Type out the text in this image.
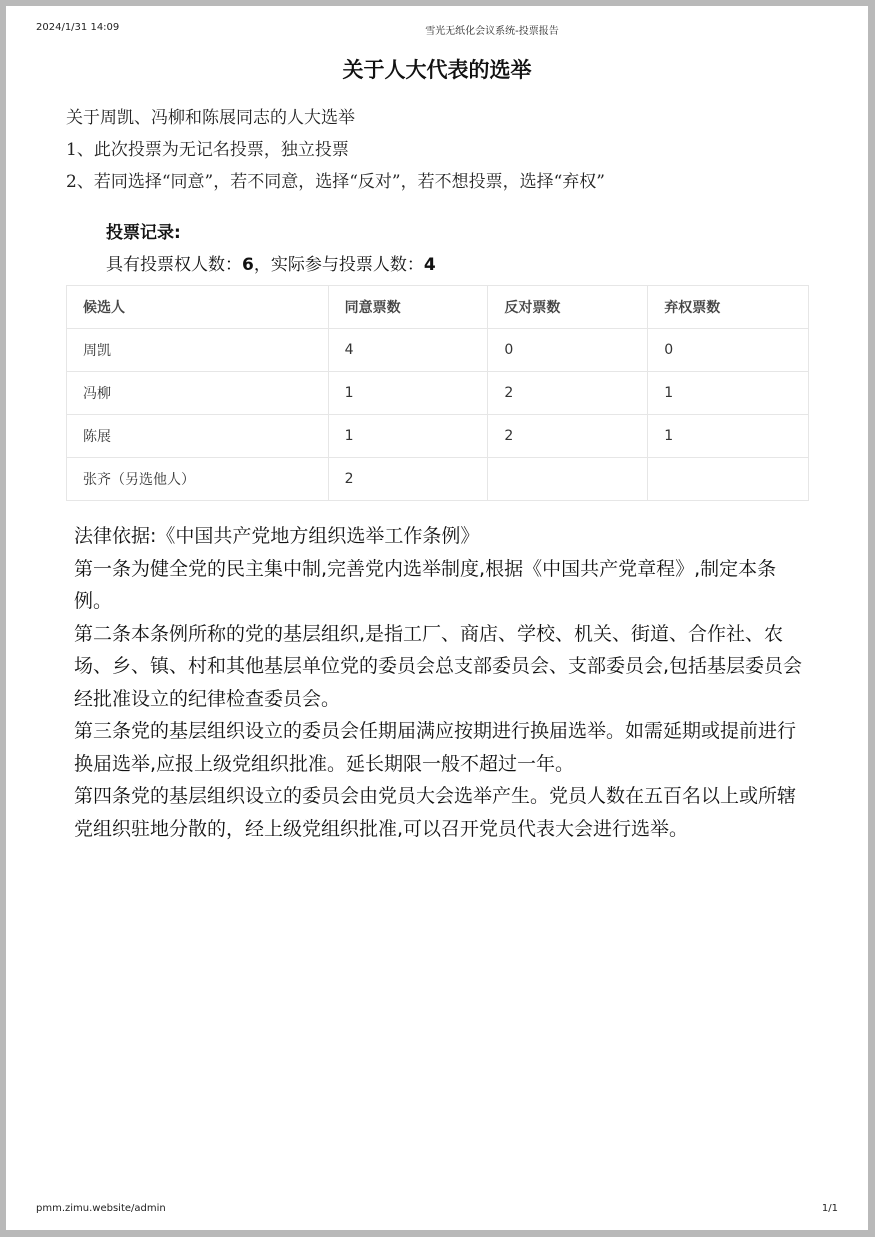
2024/1/31 14:09	雪光无纸化会议系统-投票报告
关于人大代表的选举
关于周凯、冯柳和陈展同志的人大选举
1、此次投票为无记名投票，独立投票
2、若同选择“同意”，若不同意，选择“反对”，若不想投票，选择“弃权”
投票记录:
具有投票权人数：6，实际参与投票人数：4
候选人	同意票数	反对票数	弃权票数
周凯	4	0	0
冯柳	1	2	1
陈展	1	2	1
张齐（另选他人）	2		

法律依据:《中国共产党地方组织选举工作条例》

第一条为健全党的民主集中制,完善党内选举制度,根据《中国共产党章程》,制定本条例。

第二条本条例所称的党的基层组织,是指工厂、商店、学校、机关、街道、合作社、农场、乡、镇、村和其他基层单位党的委员会总支部委员会、支部委员会,包括基层委员会经批准设立的纪律检查委员会。

第三条党的基层组织设立的委员会任期届满应按期进行换届选举。如需延期或提前进行换届选举,应报上级党组织批准。延长期限一般不超过一年。

第四条党的基层组织设立的委员会由党员大会选举产生。党员人数在五百名以上或所辖党组织驻地分散的，经上级党组织批准,可以召开党员代表大会进行选举。

pmm.zimu.website/admin	1/1
